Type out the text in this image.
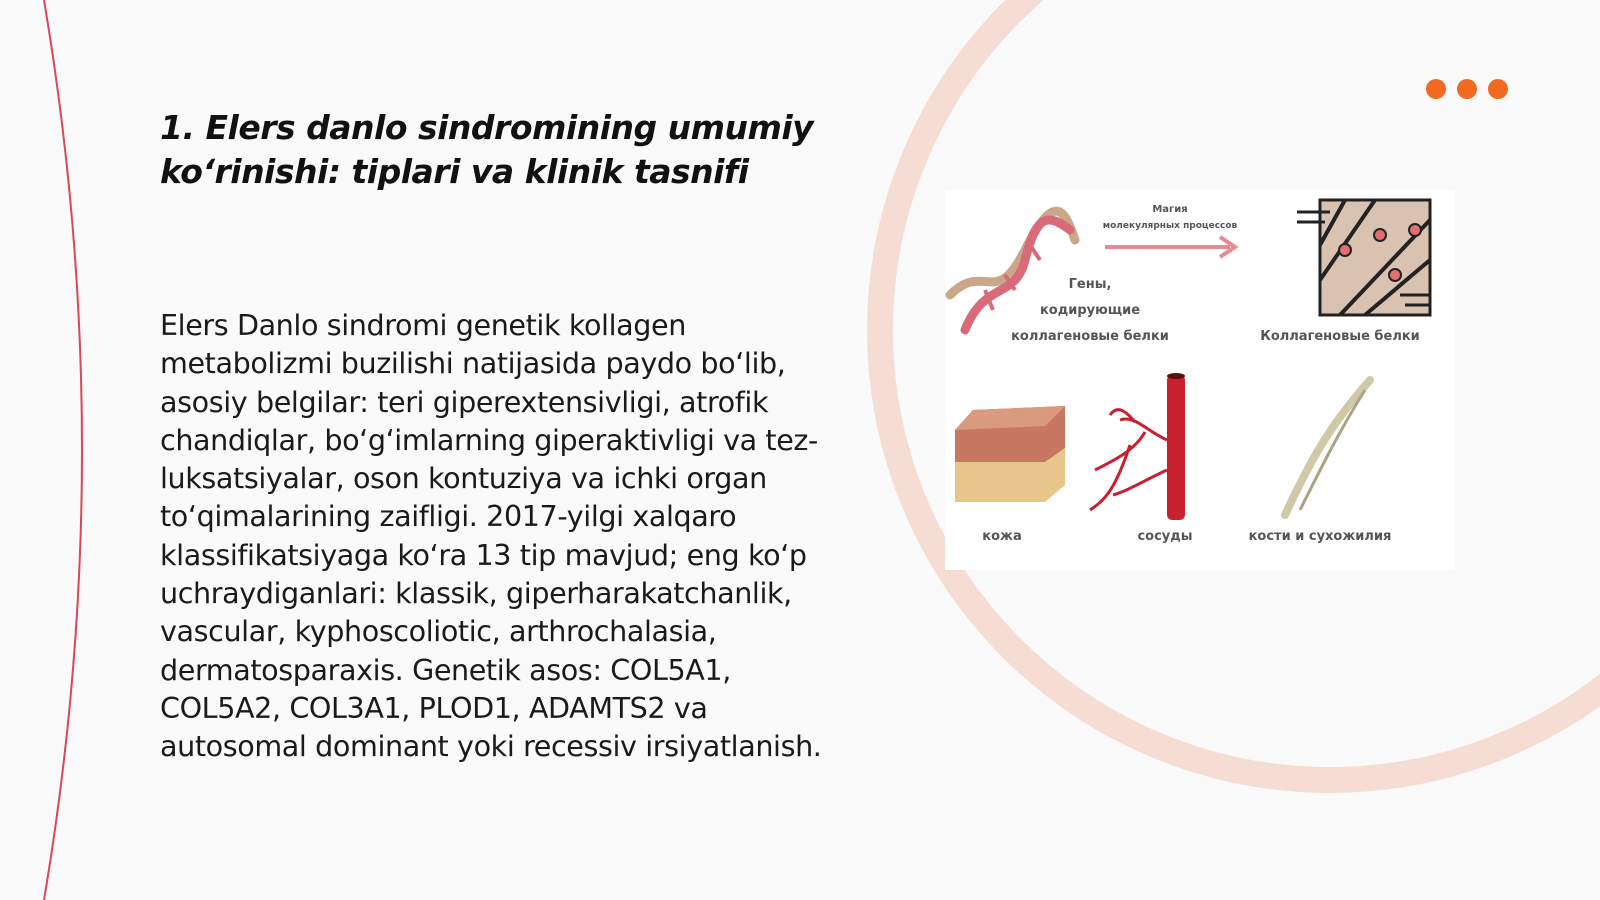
1. Elers danlo sindromining umumiy ko‘rinishi: tiplari va klinik tasnifi

Elers Danlo sindromi genetik kollagen metabolizmi buzilishi natijasida paydo bo‘lib, asosiy belgilar: teri giperextensivligi, atrofik chandiqlar, bo‘g‘imlarning giperaktivligi va tez-luksatsiyalar, oson kontuziya va ichki organ to‘qimalarining zaifligi. 2017-yilgi xalqaro klassifikatsiyaga ko‘ra 13 tip mavjud; eng ko‘p uchraydiganlari: klassik, giperharakatchanlik, vascular, kyphoscoliotic, arthrochalasia, dermatosparaxis. Genetik asos: COL5A1, COL5A2, COL3A1, PLOD1, ADAMTS2 va autosomal dominant yoki recessiv irsiyatlanish.

Магия
молекулярных процессов
Гены,
кодирующие
коллагеновые белки	Коллагеновые белки
кожа	сосуды	кости и сухожилия
